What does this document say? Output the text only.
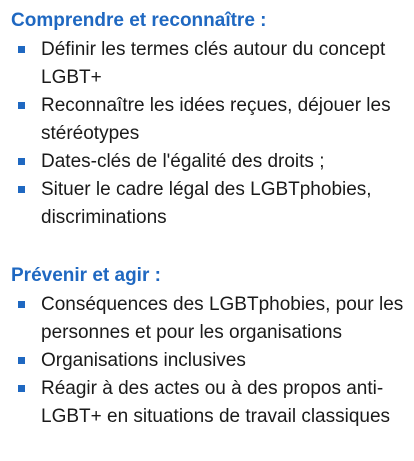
Comprendre et reconnaître :
Définir les termes clés autour du concept LGBT+
Reconnaître les idées reçues, déjouer les stéréotypes
Dates-clés de l'égalité des droits ;
Situer le cadre légal des LGBTphobies, discriminations
Prévenir et agir :
Conséquences des LGBTphobies, pour les personnes et pour les organisations
Organisations inclusives
Réagir à des actes ou à des propos anti-LGBT+ en situations de travail classiques
